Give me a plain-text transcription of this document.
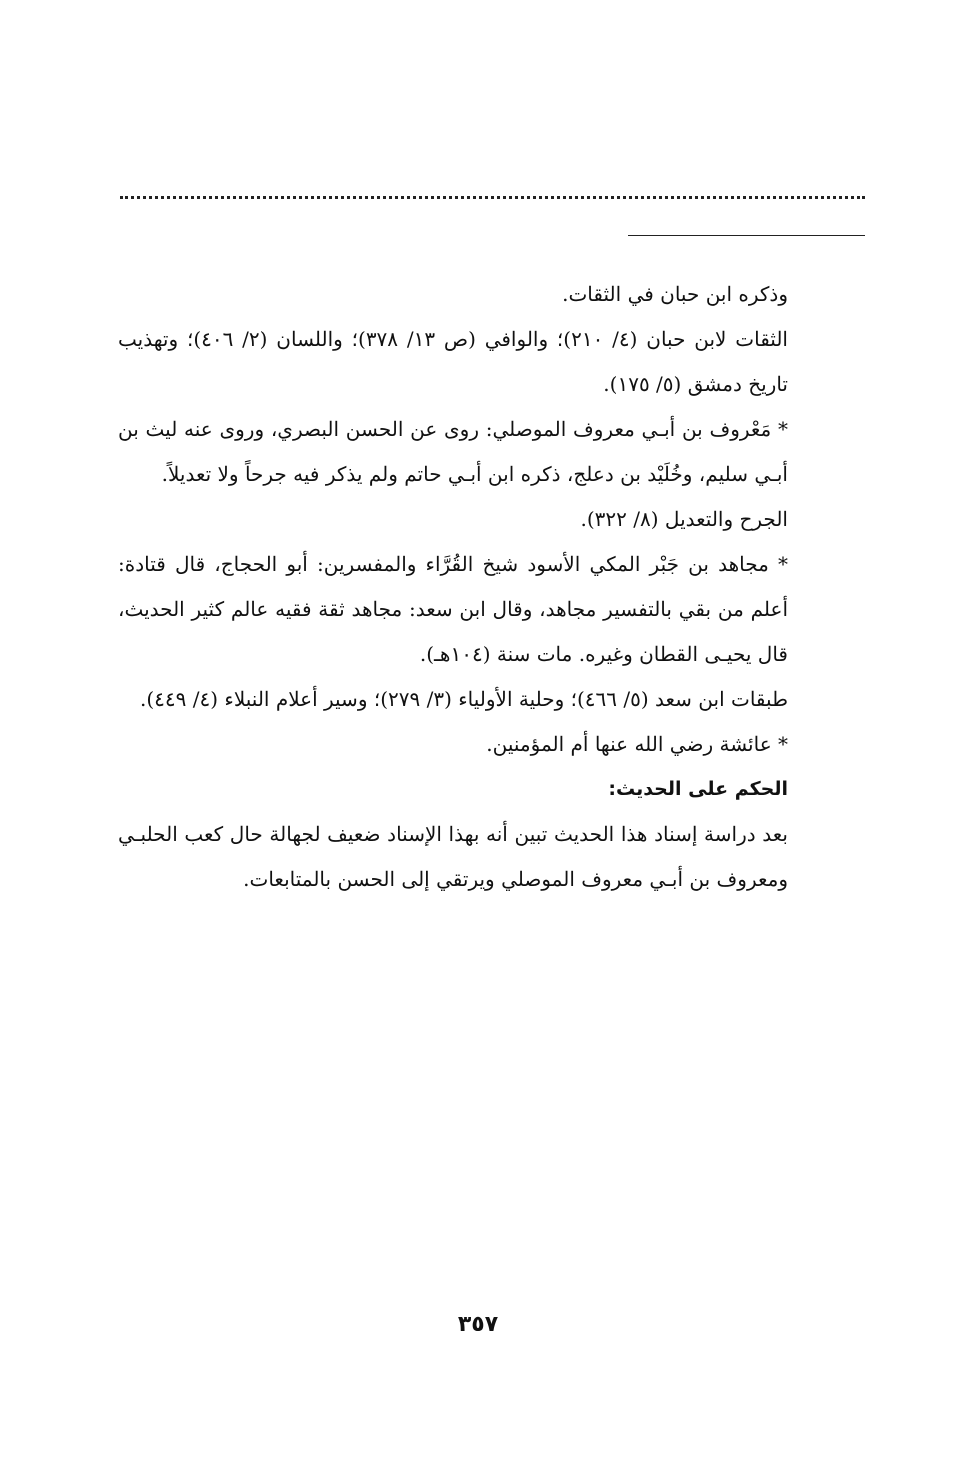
وذكره ابن حبان في الثقات.

الثقات لابن حبان (٤/ ٢١٠)؛ والوافي (ص ١٣/ ٣٧٨)؛ واللسان (٢/ ٤٠٦)؛ وتهذيب تاريخ دمشق (٥/ ١٧٥).

* مَعْروف بن أبـي معروف الموصلي: روى عن الحسن البصري، وروى عنه ليث بن أبـي سليم، وخُلَيْد بن دعلج، ذكره ابن أبـي حاتم ولم يذكر فيه جرحاً ولا تعديلاً.

الجرح والتعديل (٨/ ٣٢٢).

* مجاهد بن جَبْر المكي الأسود شيخ القُرَّاء والمفسرين: أبو الحجاج، قال قتادة: أعلم من بقي بالتفسير مجاهد، وقال ابن سعد: مجاهد ثقة فقيه عالم كثير الحديث، قال يحيـى القطان وغيره. مات سنة (١٠٤هـ).

طبقات ابن سعد (٥/ ٤٦٦)؛ وحلية الأولياء (٣/ ٢٧٩)؛ وسير أعلام النبلاء (٤/ ٤٤٩).

* عائشة رضي الله عنها أم المؤمنين.

الحكم على الحديث:

بعد دراسة إسناد هذا الحديث تبين أنه بهذا الإسناد ضعيف لجهالة حال كعب الحلبـي ومعروف بن أبـي معروف الموصلي ويرتقي إلى الحسن بالمتابعات.

٣٥٧
